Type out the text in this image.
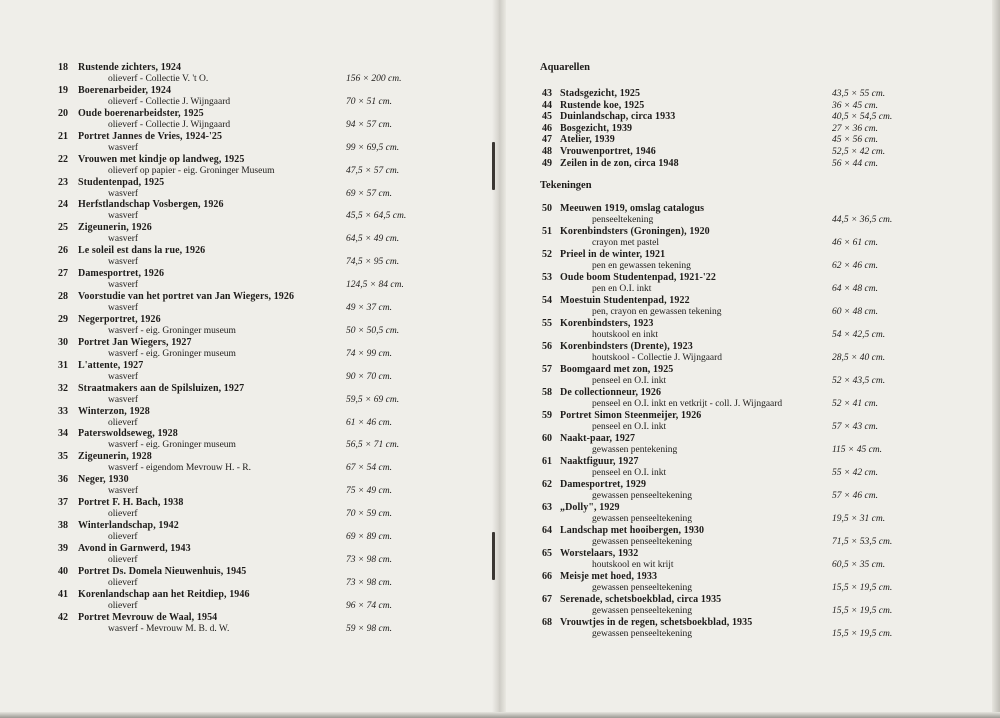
18 Rustende zichters, 1924
olieverf - Collectie V. 't O.	156 × 200 cm.
19 Boerenarbeider, 1924
olieverf - Collectie J. Wijngaard	70 × 51 cm.
20 Oude boerenarbeidster, 1925
olieverf - Collectie J. Wijngaard	94 × 57 cm.
21 Portret Jannes de Vries, 1924-'25
wasverf	99 × 69,5 cm.
22 Vrouwen met kindje op landweg, 1925
olieverf op papier - eig. Groninger Museum	47,5 × 57 cm.
23 Studentenpad, 1925
wasverf	69 × 57 cm.
24 Herfstlandschap Vosbergen, 1926
wasverf	45,5 × 64,5 cm.
25 Zigeunerin, 1926
wasverf	64,5 × 49 cm.
26 Le soleil est dans la rue, 1926
wasverf	74,5 × 95 cm.
27 Damesportret, 1926
wasverf	124,5 × 84 cm.
28 Voorstudie van het portret van Jan Wiegers, 1926
wasverf	49 × 37 cm.
29 Negerportret, 1926
wasverf - eig. Groninger museum	50 × 50,5 cm.
30 Portret Jan Wiegers, 1927
wasverf - eig. Groninger museum	74 × 99 cm.
31 L'attente, 1927
wasverf	90 × 70 cm.
32 Straatmakers aan de Spilsluizen, 1927
wasverf	59,5 × 69 cm.
33 Winterzon, 1928
olieverf	61 × 46 cm.
34 Paterswoldseweg, 1928
wasverf - eig. Groninger museum	56,5 × 71 cm.
35 Zigeunerin, 1928
wasverf - eigendom Mevrouw H. - R.	67 × 54 cm.
36 Neger, 1930
wasverf	75 × 49 cm.
37 Portret F. H. Bach, 1938
olieverf	70 × 59 cm.
38 Winterlandschap, 1942
olieverf	69 × 89 cm.
39 Avond in Garnwerd, 1943
olieverf	73 × 98 cm.
40 Portret Ds. Domela Nieuwenhuis, 1945
olieverf	73 × 98 cm.
41 Korenlandschap aan het Reitdiep, 1946
olieverf	96 × 74 cm.
42 Portret Mevrouw de Waal, 1954
wasverf - Mevrouw M. B. d. W.	59 × 98 cm.
Aquarellen
Tekeningen
43 Stadsgezicht, 1925	43,5 × 55 cm.
44 Rustende koe, 1925	36 × 45 cm.
45 Duinlandschap, circa 1933	40,5 × 54,5 cm.
46 Bosgezicht, 1939	27 × 36 cm.
47 Atelier, 1939	45 × 56 cm.
48 Vrouwenportret, 1946	52,5 × 42 cm.
49 Zeilen in de zon, circa 1948	56 × 44 cm.
50 Meeuwen 1919, omslag catalogus
penseeltekening	44,5 × 36,5 cm.
51 Korenbindsters (Groningen), 1920
crayon met pastel	46 × 61 cm.
52 Prieel in de winter, 1921
pen en gewassen tekening	62 × 46 cm.
53 Oude boom Studentenpad, 1921-'22
pen en O.I. inkt	64 × 48 cm.
54 Moestuin Studentenpad, 1922
pen, crayon en gewassen tekening	60 × 48 cm.
55 Korenbindsters, 1923
houtskool en inkt	54 × 42,5 cm.
56 Korenbindsters (Drente), 1923
houtskool - Collectie J. Wijngaard	28,5 × 40 cm.
57 Boomgaard met zon, 1925
penseel en O.I. inkt	52 × 43,5 cm.
58 De collectionneur, 1926
penseel en O.I. inkt en vetkrijt - coll. J. Wijngaard	52 × 41 cm.
59 Portret Simon Steenmeijer, 1926
penseel en O.I. inkt	57 × 43 cm.
60 Naakt-paar, 1927
gewassen pentekening	115 × 45 cm.
61 Naaktfiguur, 1927
penseel en O.I. inkt	55 × 42 cm.
62 Damesportret, 1929
gewassen penseeltekening	57 × 46 cm.
63 „Dolly", 1929
gewassen penseeltekening	19,5 × 31 cm.
64 Landschap met hooibergen, 1930
gewassen penseeltekening	71,5 × 53,5 cm.
65 Worstelaars, 1932
houtskool en wit krijt	60,5 × 35 cm.
66 Meisje met hoed, 1933
gewassen penseeltekening	15,5 × 19,5 cm.
67 Serenade, schetsboekblad, circa 1935
gewassen penseeltekening	15,5 × 19,5 cm.
68 Vrouwtjes in de regen, schetsboekblad, 1935
gewassen penseeltekening	15,5 × 19,5 cm.
